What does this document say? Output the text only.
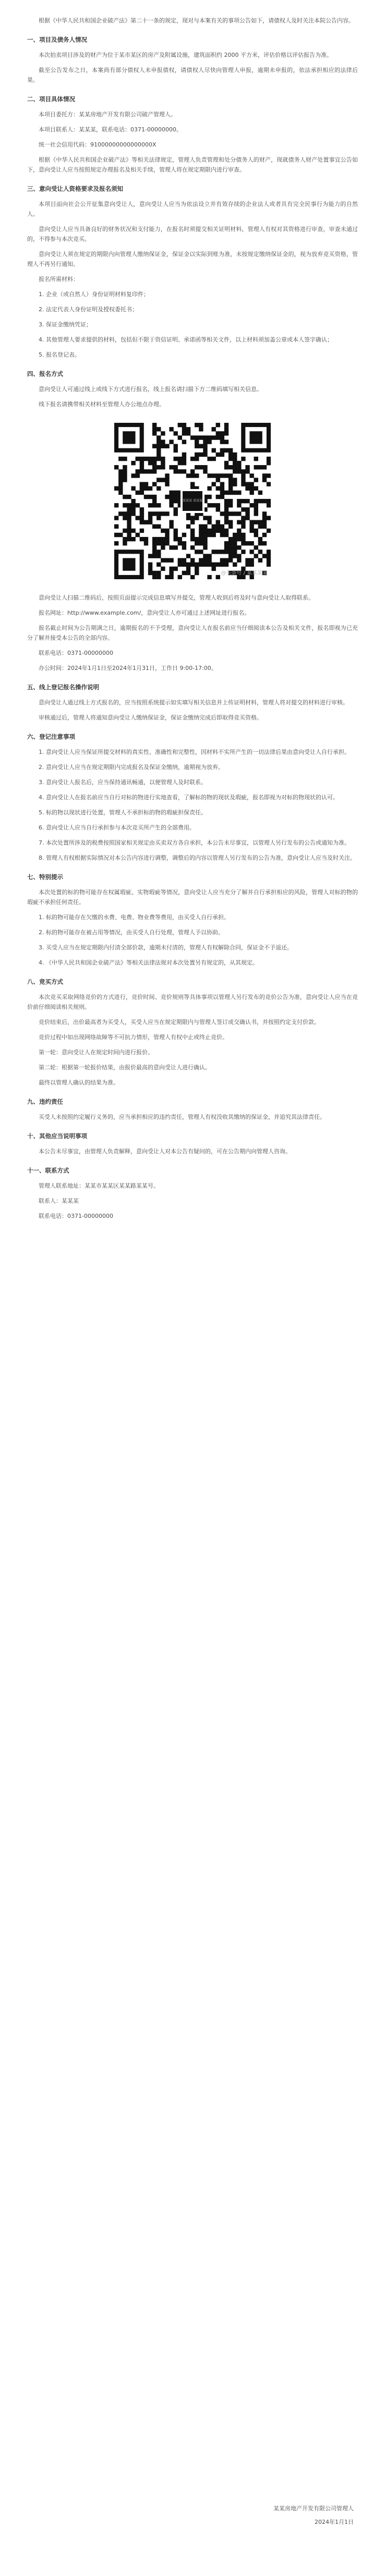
根据《中华人民共和国企业破产法》第二十一条的规定，现对与本案有关的事项公告如下，请债权人及时关注本院公告内容。

一、项目及债务人情况

本次拍卖项目涉及的财产为位于某市某区的房产及附属设施，建筑面积约 2000 平方米，评估价格以评估报告为准。

截至公告发布之日，本案尚有部分债权人未申报债权，请债权人尽快向管理人申报，逾期未申报的，依法承担相应的法律后果。

二、项目具体情况

本项目委托方：某某房地产开发有限公司破产管理人。

本项目联系人：某某某，联系电话：0371-00000000。

统一社会信用代码：91000000000000000X

根据《中华人民共和国企业破产法》等相关法律规定，管理人负责管理和处分债务人的财产，现就债务人财产处置事宜公告如下，意向受让人应当按照规定办理报名及相关手续，管理人将在规定期限内进行审查。

三、意向受让人资格要求及报名须知

本项目面向社会公开征集意向受让人，意向受让人应当为依法设立并有效存续的企业法人或者具有完全民事行为能力的自然人。

意向受让人应当具备良好的财务状况和支付能力，在报名时须提交相关证明材料，管理人有权对其资格进行审查，审查未通过的，不得参与本次竞买。

意向受让人须在规定的期限内向管理人缴纳保证金，保证金以实际到账为准，未按规定缴纳保证金的，视为放弃竞买资格，管理人不再另行通知。

报名所需材料：

1. 企业（或自然人）身份证明材料复印件；

2. 法定代表人身份证明及授权委托书；

3. 保证金缴纳凭证；

4. 其他管理人要求提供的材料，包括但不限于资信证明、承诺函等相关文件，以上材料须加盖公章或本人签字确认；

5. 报名登记表。

四、报名方式

意向受让人可通过线上或线下方式进行报名，线上报名请扫描下方二维码填写相关信息。

线下报名请携带相关材料至管理人办公地点办理。

某某某 某某某
@头条号 / 某某某某

意向受让人扫描二维码后，按照页面提示完成信息填写并提交，管理人收到后将及时与意向受让人取得联系。

报名网址：http://www.example.com/，意向受让人亦可通过上述网址进行报名。

报名截止时间为公告期满之日，逾期报名的不予受理，意向受让人在报名前应当仔细阅读本公告及相关文件，报名即视为已充分了解并接受本公告的全部内容。

联系电话：0371-00000000

办公时间：2024年1月1日至2024年1月31日，工作日 9:00-17:00。

五、线上登记报名操作说明

意向受让人通过线上方式报名的，应当按照系统提示如实填写相关信息并上传证明材料，管理人将对提交的材料进行审核。

审核通过后，管理人将通知意向受让人缴纳保证金，保证金缴纳完成后即取得竞买资格。

六、登记注意事项

1. 意向受让人应当保证所提交材料的真实性、准确性和完整性，因材料不实所产生的一切法律后果由意向受让人自行承担。

2. 意向受让人应当在规定期限内完成报名及保证金缴纳，逾期视为放弃。

3. 意向受让人报名后，应当保持通讯畅通，以便管理人及时联系。

4. 意向受让人在报名前应当自行对标的物进行实地查看，了解标的物的现状及瑕疵，报名即视为对标的物现状的认可。

5. 标的物以现状进行处置，管理人不承担标的物的瑕疵担保责任。

6. 意向受让人应当自行承担参与本次竞买所产生的全部费用。

7. 本次处置所涉及的税费按照国家相关规定由买卖双方各自承担，本公告未尽事宜，以管理人另行发布的公告或通知为准。

8. 管理人有权根据实际情况对本公告内容进行调整，调整后的内容以管理人另行发布的公告为准，意向受让人应当及时关注。

七、特别提示

本次处置的标的物可能存在权属瑕疵、实物瑕疵等情况，意向受让人应当充分了解并自行承担相应的风险，管理人对标的物的瑕疵不承担任何责任。

1. 标的物可能存在欠缴的水费、电费、物业费等费用，由买受人自行承担。

2. 标的物可能存在被占用等情况，由买受人自行处理，管理人予以协助。

3. 买受人应当在规定期限内付清全部价款，逾期未付清的，管理人有权解除合同，保证金不予退还。

4. 《中华人民共和国企业破产法》等相关法律法规对本次处置另有规定的，从其规定。

八、竞买方式

本次竞买采取网络竞价的方式进行，竞价时间、竞价规则等具体事项以管理人另行发布的竞价公告为准，意向受让人应当在竞价前仔细阅读相关规则。

竞价结束后，出价最高者为买受人，买受人应当在规定期限内与管理人签订成交确认书，并按照约定支付价款。

竞价过程中如出现网络故障等不可抗力情形，管理人有权中止或终止竞价。

第一轮：意向受让人在规定时间内进行报价。

第二轮：根据第一轮报价结果，由报价最高的意向受让人进行确认。

最终以管理人确认的结果为准。

九、违约责任

买受人未按照约定履行义务的，应当承担相应的违约责任，管理人有权没收其缴纳的保证金，并追究其法律责任。

十、其他应当说明事项

本公告未尽事宜，由管理人负责解释，意向受让人对本公告有疑问的，可在公告期内向管理人咨询。

十一、联系方式

管理人联系地址：某某市某某区某某路某某号。

联系人：某某某

联系电话：0371-00000000

某某房地产开发有限公司管理人
2024年1月1日
